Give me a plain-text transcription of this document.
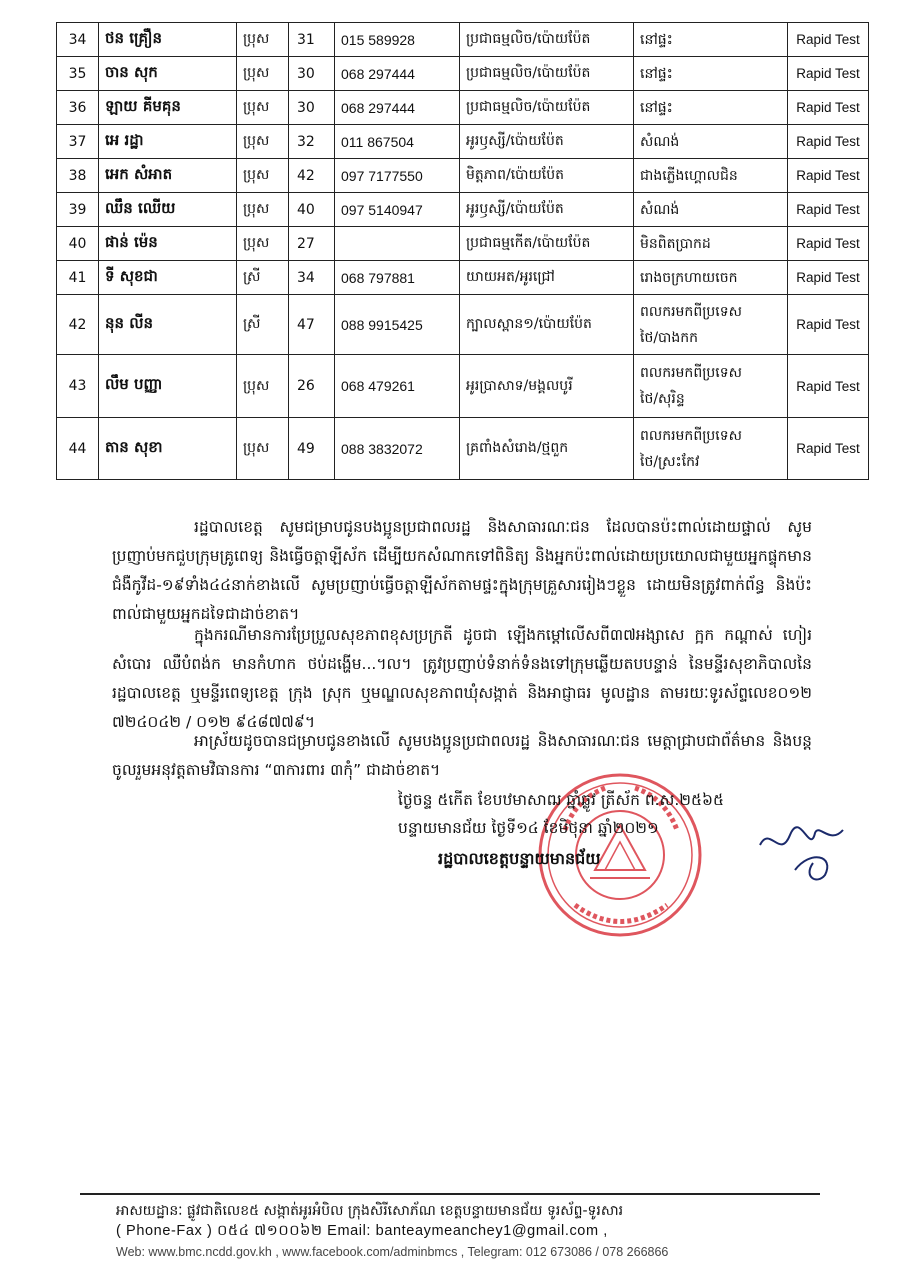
34	ថន គ្រឿន	ប្រុស	31	015 589928	ប្រជាធម្មលិច/ប៉ោយប៉ែត	នៅផ្ទះ	Rapid Test
35	ចាន សុក	ប្រុស	30	068 297444	ប្រជាធម្មលិច/ប៉ោយប៉ែត	នៅផ្ទះ	Rapid Test
36	ឡាយ គីមគុន	ប្រុស	30	068 297444	ប្រជាធម្មលិច/ប៉ោយប៉ែត	នៅផ្ទះ	Rapid Test
37	អេ រដ្ឋា	ប្រុស	32	011 867504	អូរឫស្សី/ប៉ោយប៉ែត	សំណង់	Rapid Test
38	អេក សំអាត	ប្រុស	42	097 7177550	មិត្តភាព/ប៉ោយប៉ែត	ជាងភ្លើងហ្គោលជិន	Rapid Test
39	ឈឹន ឈើយ	ប្រុស	40	097 5140947	អូរឫស្សី/ប៉ោយប៉ែត	សំណង់	Rapid Test
40	ផាន់ ម៉េន	ប្រុស	27		ប្រជាធម្មកើត/ប៉ោយប៉ែត	មិនពិតប្រាកដ	Rapid Test
41	ទី សុខជា	ស្រី	34	068 797881	យាយអត/អូរជ្រៅ	រោងចក្រហាយចេក	Rapid Test
42	នុន លីន	ស្រី	47	088 9915425	ក្បាលស្ពាន១/ប៉ោយប៉ែត	ពលករមកពីប្រទេស
ថៃ/បាងកក	Rapid Test
43	លឹម បញ្ញា	ប្រុស	26	068 479261	អូរប្រាសាទ/មង្គលបូរី	ពលករមកពីប្រទេស
ថៃ/សុរិន្ទ	Rapid Test
44	តាន សុខា	ប្រុស	49	088 3832072	គ្រពាំងសំរោង/ថ្មពួក	ពលករមកពីប្រទេស
ថៃ/ស្រះកែវ	Rapid Test
រដ្ឋបាលខេត្ត សូមជម្រាបជូនបងប្អូនប្រជាពលរដ្ឋ និងសាធារណៈជន ដែលបានប៉ះពាល់ដោយផ្ទាល់ សូមប្រញាប់មកជួបក្រុមគ្រូពេទ្យ និងធ្វើចត្តាឡីស័ក ដើម្បីយកសំណាកទៅពិនិត្យ និងអ្នកប៉ះពាល់ដោយប្រយោលជាមួយអ្នកផ្ទុកមានជំងឺកូវីដ-១៩ទាំង៤៤នាក់ខាងលើ សូមប្រញាប់ធ្វើចត្តាឡីស័កតាមផ្ទះក្នុងក្រុមគ្រួសាររៀងៗខ្លួន ដោយមិនត្រូវពាក់ព័ន្ធ និងប៉ះពាល់ជាមួយអ្នកដទៃជាដាច់ខាត។
ក្នុងករណីមានការប្រែប្រួលសុខភាពខុសប្រក្រតី ដូចជា ឡើងកម្ដៅលើសពី៣៧អង្សាសេ ក្អក កណ្ដាស់ ហៀរសំបោរ ឈឺបំពង់ក មានកំហាក ថប់ដង្ហើម...។ល។ ត្រូវប្រញាប់ទំនាក់ទំនងទៅក្រុមឆ្លើយតបបន្ទាន់ នៃមន្ទីរសុខាភិបាលនៃរដ្ឋបាលខេត្ត ឬមន្ទីរពេទ្យខេត្ត ក្រុង ស្រុក ឬមណ្ឌលសុខភាពឃុំសង្កាត់ និងអាជ្ញាធរ មូលដ្ឋាន តាមរយៈទូរស័ព្ទលេខ០១២ ៧២៤០៤២ / ០១២ ៩៤៨៧៧៩។
អាស្រ័យដូចបានជម្រាបជូនខាងលើ សូមបងប្អូនប្រជាពលរដ្ឋ និងសាធារណៈជន មេត្តាជ្រាបជាព័ត៌មាន និងបន្តចូលរួមអនុវត្តតាមវិធានការ “៣ការពារ ៣កុំ” ជាដាច់ខាត។
ថ្ងៃចន្ទ ៥កើត ខែបឋមាសាឍ ឆ្នាំឆ្លូវ ត្រីស័ក ព.ស.២៥៦៥
បន្ទាយមានជ័យ ថ្ងៃទី១៤ ខែមិថុនា ឆ្នាំ២០២១
រដ្ឋបាលខេត្តបន្ទាយមានជ័យ
អាសយដ្ឋានៈ ផ្លូវជាតិលេខ៥ សង្កាត់អូរអំបិល ក្រុងសិរីសោភ័ណ ខេត្តបន្ទាយមានជ័យ ទូរស័ព្ទ-ទូរសារ
( Phone-Fax ) ០៥៤ ៧១០០៦២ Email: banteaymeanchey1@gmail.com ,
Web: www.bmc.ncdd.gov.kh , www.facebook.com/adminbmcs , Telegram: 012 673086 / 078 266866
